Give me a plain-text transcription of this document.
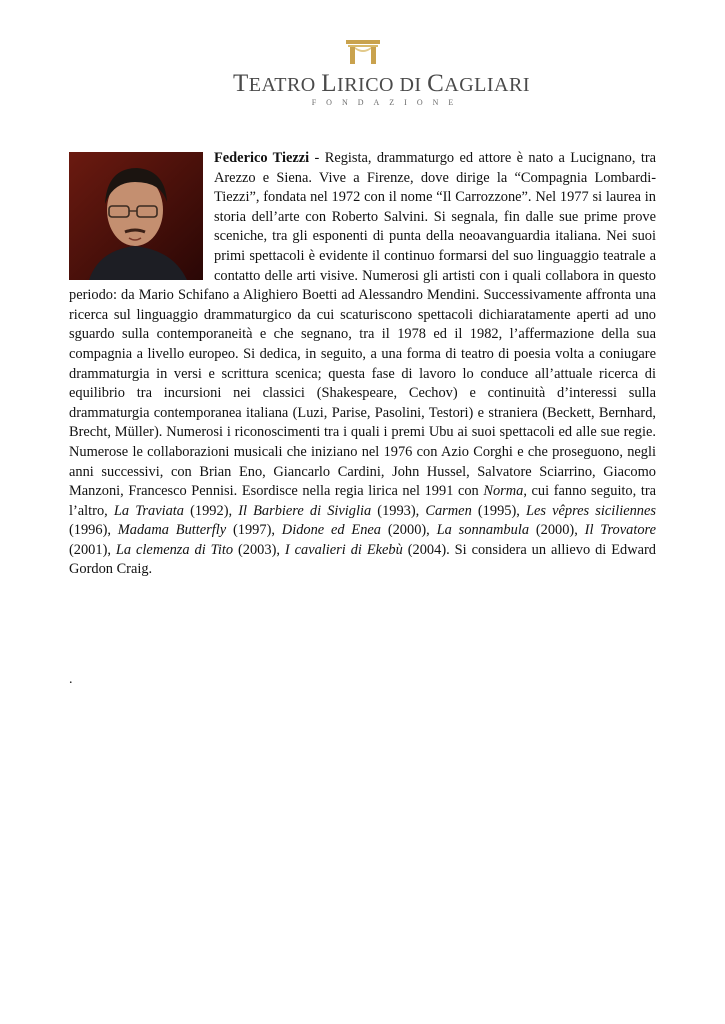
TEATRO LIRICO DI CAGLIARI
FONDAZIONE
Federico Tiezzi - Regista, drammaturgo ed attore è nato a Lucignano, tra Arezzo e Siena. Vive a Firenze, dove dirige la “Compagnia Lombardi-Tiezzi”, fondata nel 1972 con il nome “Il Carrozzone”. Nel 1977 si laurea in storia dell’arte con Roberto Salvini. Si segnala, fin dalle sue prime prove sceniche, tra gli esponenti di punta della neoavanguardia italiana. Nei suoi primi spettacoli è evidente il continuo formarsi del suo linguaggio teatrale a contatto delle arti visive. Numerosi gli artisti con i quali collabora in questo periodo: da Mario Schifano a Alighiero Boetti ad Alessandro Mendini. Successivamente affronta una ricerca sul linguaggio drammaturgico da cui scaturiscono spettacoli dichiaratamente aperti ad uno sguardo sulla contemporaneità e che segnano, tra il 1978 ed il 1982, l’affermazione della sua compagnia a livello europeo. Si dedica, in seguito, a una forma di teatro di poesia volta a coniugare drammaturgia in versi e scrittura scenica; questa fase di lavoro lo conduce all’attuale ricerca di equilibrio tra incursioni nei classici (Shakespeare, Cechov) e continuità d’interessi sulla drammaturgia contemporanea italiana (Luzi, Parise, Pasolini, Testori) e straniera (Beckett, Bernhard, Brecht, Müller). Numerosi i riconoscimenti tra i quali i premi Ubu ai suoi spettacoli ed alle sue regie. Numerose le collaborazioni musicali che iniziano nel 1976 con Azio Corghi e che proseguono, negli anni successivi, con Brian Eno, Giancarlo Cardini, John Hussel, Salvatore Sciarrino, Giacomo Manzoni, Francesco Pennisi. Esordisce nella regia lirica nel 1991 con Norma, cui fanno seguito, tra l’altro, La Traviata (1992), Il Barbiere di Siviglia (1993), Carmen (1995), Les vêpres siciliennes (1996), Madama Butterfly (1997), Didone ed Enea (2000), La sonnambula (2000), Il Trovatore (2001), La clemenza di Tito (2003), I cavalieri di Ekebù (2004). Si considera un allievo di Edward Gordon Craig.
.
